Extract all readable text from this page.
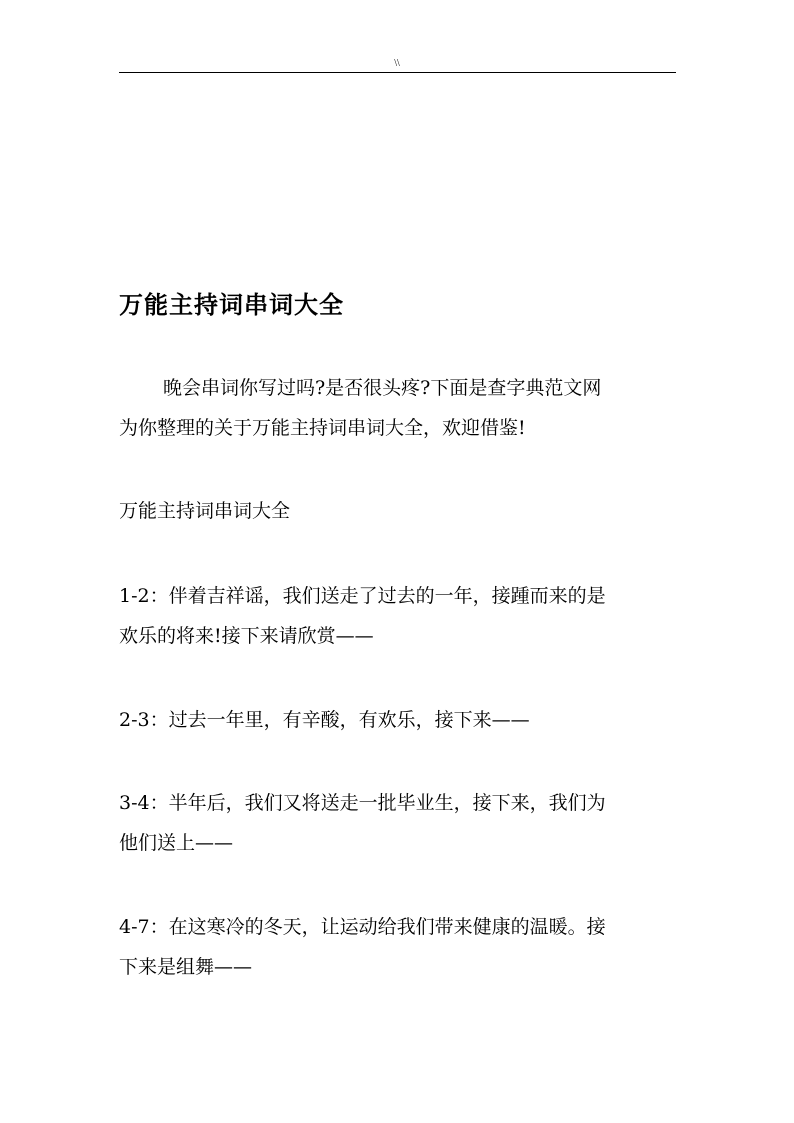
\\
万能主持词串词大全

晚会串词你写过吗?是否很头疼?下面是查字典范文网
为你整理的关于万能主持词串词大全，欢迎借鉴!

万能主持词串词大全

1-2：伴着吉祥谣，我们送走了过去的一年，接踵而来的是
欢乐的将来!接下来请欣赏——

2-3：过去一年里，有辛酸，有欢乐，接下来——

3-4：半年后，我们又将送走一批毕业生，接下来，我们为
他们送上——

4-7：在这寒冷的冬天，让运动给我们带来健康的温暖。接
下来是组舞——
